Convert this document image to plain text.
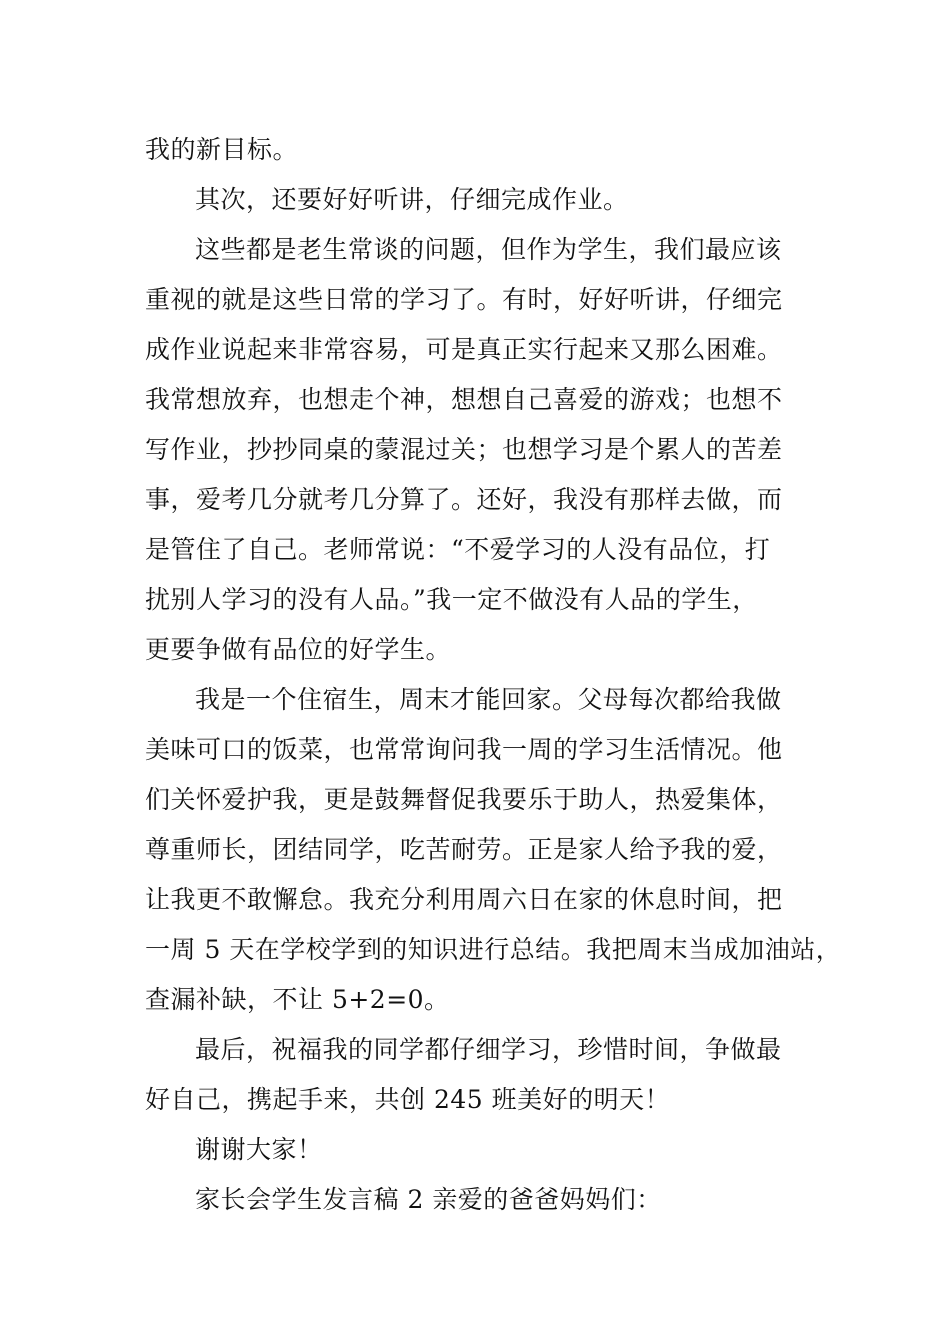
我的新目标。
其次，还要好好听讲，仔细完成作业。
这些都是老生常谈的问题，但作为学生，我们最应该
重视的就是这些日常的学习了。有时，好好听讲，仔细完
成作业说起来非常容易，可是真正实行起来又那么困难。
我常想放弃，也想走个神，想想自己喜爱的游戏；也想不
写作业，抄抄同桌的蒙混过关；也想学习是个累人的苦差
事，爱考几分就考几分算了。还好，我没有那样去做，而
是管住了自己。老师常说：“不爱学习的人没有品位，打
扰别人学习的没有人品。”我一定不做没有人品的学生，
更要争做有品位的好学生。
我是一个住宿生，周末才能回家。父母每次都给我做
美味可口的饭菜，也常常询问我一周的学习生活情况。他
们关怀爱护我，更是鼓舞督促我要乐于助人，热爱集体，
尊重师长，团结同学，吃苦耐劳。正是家人给予我的爱，
让我更不敢懈怠。我充分利用周六日在家的休息时间，把
一周 5 天在学校学到的知识进行总结。我把周末当成加油站，
查漏补缺，不让 5+2=0。
最后，祝福我的同学都仔细学习，珍惜时间，争做最
好自己，携起手来，共创 245 班美好的明天！
谢谢大家！
家长会学生发言稿 2 亲爱的爸爸妈妈们：
